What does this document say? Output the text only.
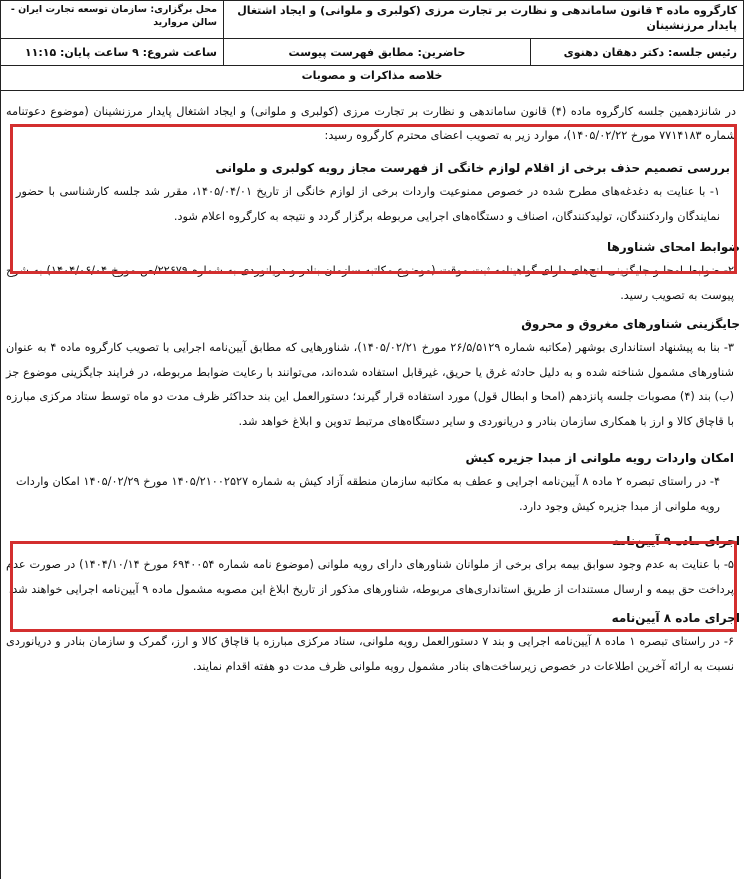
کارگروه ماده ۴ قانون ساماندهی و نظارت بر تجارت مرزی (کولبری و ملوانی) و ایجاد اشتغال پایدار مرزنشینان		محل برگزاری: سازمان توسعه تجارت ایران -
سالن مروارید

رئیس جلسه: دکتر دهقان دهنوی	حاضرین: مطابق فهرست پیوست	ساعت شروع: ۹ ساعت پایان: ۱۱:۱۵
خلاصه مذاکرات و مصوبات		
در شانزدهمین جلسه کارگروه ماده (۴) قانون ساماندهی و نظارت بر تجارت مرزی (کولبری و ملوانی) و ایجاد اشتغال پایدار مرزنشینان (موضوع دعوتنامه شماره ۷۷۱۴۱۸۳ مورخ ۱۴۰۵/۰۲/۲۲)، موارد زیر به تصویب اعضای محترم کارگروه رسید:
بررسی تصمیم حذف برخی از اقلام لوازم خانگی از فهرست مجاز رویه کولبری و ملوانی
۱- با عنایت به دغدغه‌های مطرح شده در خصوص ممنوعیت واردات برخی از لوازم خانگی از تاریخ ۱۴۰۵/۰۴/۰۱، مقرر شد جلسه کارشناسی با حضور نمایندگان واردکنندگان، تولیدکنندگان، اصناف و دستگاه‌های اجرایی مربوطه برگزار گردد و نتیجه به کارگروه اعلام شود.
ضوابط امحای شناورها
۲- ضوابط امحا و جایگزینی لنج‌های دارای گواهینامه ثبت موقت (موضوع مکاتبه سازمان بنادر و دریانوردی به شماره ۲۲۶۷۹/ص مورخ ۱۴۰۴/۰۶/۰۴) به شرح پیوست به تصویب رسید.
جایگزینی شناورهای مغروق و محروق
۳- بنا به پیشنهاد استانداری بوشهر (مکاتبه شماره ۲۶/۵/۵۱۲۹ مورخ ۱۴۰۵/۰۲/۲۱)، شناورهایی که مطابق آیین‌نامه اجرایی با تصویب کارگروه ماده ۴ به عنوان شناورهای مشمول شناخته شده و به دلیل حادثه غرق یا حریق، غیرقابل استفاده شده‌اند، می‌توانند با رعایت ضوابط مربوطه، در فرایند جایگزینی موضوع جز (ب) بند (۴) مصوبات جلسه پانزدهم (امحا و ابطال قول) مورد استفاده قرار گیرند؛ دستورالعمل این بند حداکثر ظرف مدت دو ماه توسط ستاد مرکزی مبارزه با قاچاق کالا و ارز با همکاری سازمان بنادر و دریانوردی و سایر دستگاه‌های مرتبط تدوین و ابلاغ خواهد شد.
امکان واردات رویه ملوانی از مبدا جزیره کیش
۴- در راستای تبصره ۲ ماده ۸ آیین‌نامه اجرایی و عطف به مکاتبه سازمان منطقه آزاد کیش به شماره ۱۴۰۵/۲۱۰۰۲۵۲۷ مورخ ۱۴۰۵/۰۲/۲۹ امکان واردات رویه ملوانی از مبدا جزیره کیش وجود دارد.
اجرای ماده ۹ آیین‌نامه
۵- با عنایت به عدم وجود سوابق بیمه برای برخی از ملوانان شناورهای دارای رویه ملوانی (موضوع نامه شماره ۶۹۴۰۰۵۴ مورخ ۱۴۰۴/۱۰/۱۴) در صورت عدم پرداخت حق بیمه و ارسال مستندات از طریق استانداری‌های مربوطه، شناورهای مذکور از تاریخ ابلاغ این مصوبه مشمول ماده ۹ آیین‌نامه اجرایی خواهند شد.
اجرای ماده ۸ آیین‌نامه
۶- در راستای تبصره ۱ ماده ۸ آیین‌نامه اجرایی و بند ۷ دستورالعمل رویه ملوانی، ستاد مرکزی مبارزه با قاچاق کالا و ارز، گمرک و سازمان بنادر و دریانوردی نسبت به ارائه آخرین اطلاعات در خصوص زیرساخت‌های بنادر مشمول رویه ملوانی ظرف مدت دو هفته اقدام نمایند.
